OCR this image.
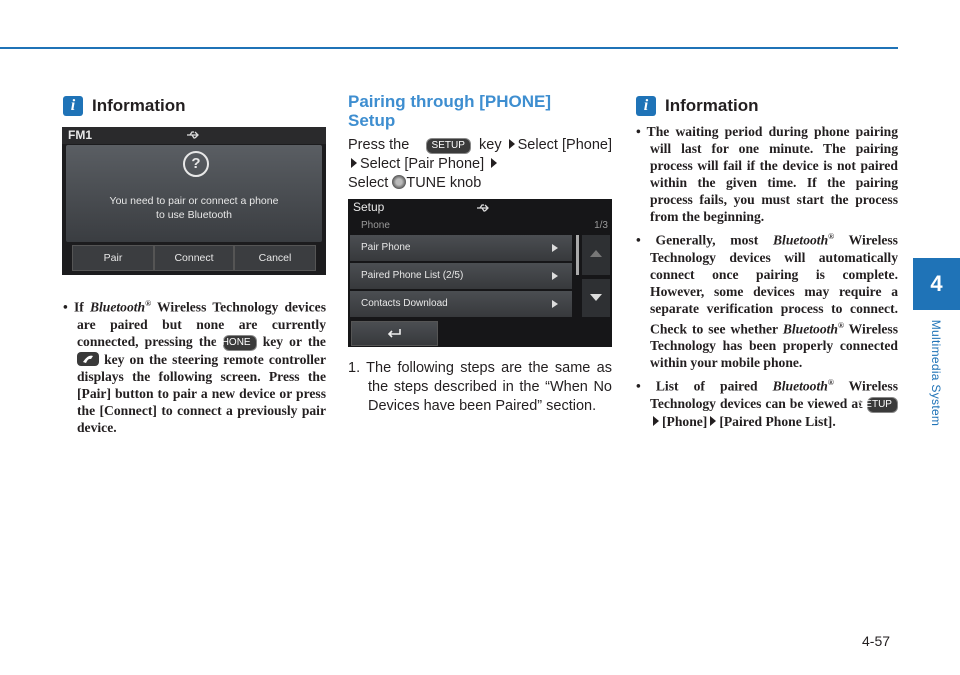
4
Multimedia System
i Information
FM1
?
You need to pair or connect a phone
to use Bluetooth
Pair	Connect	Cancel
• If Bluetooth® Wireless Technology devices are paired but none are currently connected, pressing the PHONE key or the
key on the steering remote controller displays the following screen. Press the [Pair] button to pair a new device or press the [Connect] to connect a previously pair device.
Pairing through [PHONE] Setup
Press the SETUP key Select [Phone]Select [Pair Phone]
Select TUNE knob
Setup
Phone	1/3
Pair Phone
Paired Phone List (2/5)
Contacts Download
1. The following steps are the same as the steps described in the “When No Devices have been Paired” section.
i Information
• The waiting period during phone pairing will last for one minute. The pairing process will fail if the device is not paired within the given time. If the pairing process fails, you must start the process from the beginning.
• Generally, most Bluetooth® Wireless Technology devices will automatically connect once pairing is complete. However, some devices may require a separate verification process to connect. Check to see whether Bluetooth® Wireless Technology has been properly connected within your mobile phone.
• List of paired Bluetooth® Wireless Technology devices can be viewed at SETUP[Phone] [Paired Phone List].
4-57
